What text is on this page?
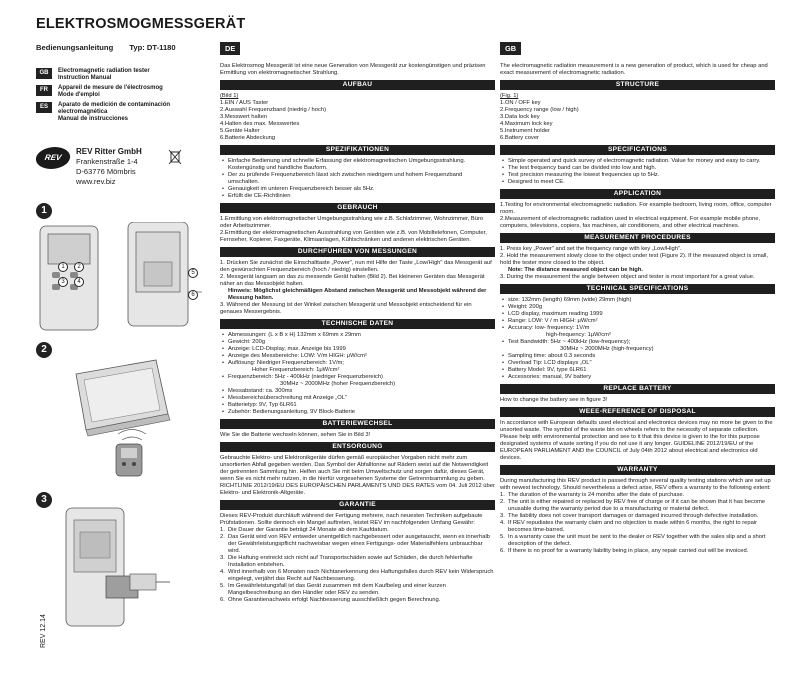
ELEKTROSMOGMESSGERÄT
Bedienungsanleitung Typ: DT-1180
GB	Electromagnetic radiation tester
Instruction Manual
FR	Appareil de mesure de l'électrosmog
Mode d'emploi
ES	Aparato de medición de contaminación
electromagnética
Manual de instrucciones
REV
REV Ritter GmbH
Frankenstraße 1-4
D-63776 Mömbris
www.rev.biz
1
1	2
3	4
5
6
2
3
REV 12.14
DE
Das Elektrosmog Messgerät ist eine neue Generation von Messgerät zur kostengünstigen und präzisen Ermittlung von elektromagnetischer Strahlung.
AUFBAU
(Bild 1)
1.EIN / AUS Taster
2.Auswahl Frequenzband (niedrig / hoch)
3.Messwert halten
4.Halten des max. Messwertes
5.Geräte Halter
6.Batterie Abdeckung
SPEZIFIKATIONEN
• Einfache Bedienung und schnelle Erfassung der elektromagnetischen Umgebungsstrahlung. Kostengünstig und handliche Bauform.
• Der zu prüfende Frequenzbereich lässt sich zwischen niedrigem und hohem Frequenzband umschalten.
• Genauigkeit im unteren Frequenzbereich besser als 5Hz.
• Erfüllt die CE-Richtlinien
GEBRAUCH
1.Ermittlung von elektromagnetischer Umgebungsstrahlung wie z.B. Schlafzimmer, Wohnzimmer, Büro oder Arbeitszimmer.
2.Ermittlung der elektromagnetischen Ausstrahlung von Geräten wie z.B. von Mobiltelefonen, Computer, Fernseher, Kopierer, Faxgeräte, Klimaanlagen, Kühlschränken und anderen elektrischen Geräten.
DURCHFÜHREN VON MESSUNGEN
1. Drücken Sie zunächst die Einschalttaste „Power", nun mit Hilfe der Taste „Low/High" das Messgerät auf den gewünschten Frequenzbereich (hoch / niedrig) einstellen.
2. Messgerät langsam an das zu messende Gerät halten (Bild 2). Bei kleineren Geräten das Messgerät näher an das Messobjekt halten.
Hinweis: Möglichst gleichmäßigen Abstand zwischen Messgerät und Messobjekt während der Messung halten.
3. Während der Messung ist der Winkel zwischen Messgerät und Messobjekt entscheidend für ein genaues Messergebnis.
TECHNISCHE DATEN
• Abmessungen: (L x B x H) 132mm x 69mm x 29mm
• Gewicht: 200g
• Anzeige: LCD-Display, max. Anzeige bis 1999
• Anzeige des Messbereiche: LOW: V/m HIGH: μW/cm²
• Auflösung: Niedriger Frequenzbereich: 1V/m;
Hoher Frequenzbereich: 1μW/cm²
• Frequenzbereich: 5Hz - 400kHz (niedriger Frequenzbereich)
30MHz ~ 2000MHz (hoher Frequenzbereich)
• Messabstand: ca. 300ms
• Messbereichsüberschreitung mit Anzeige „OL"
• Batterietyp: 9V, Typ 6LR61
• Zubehör: Bedienungsanleitung, 9V Block-Batterie
BATTERIEWECHSEL
Wie Sie die Batterie wechseln können, sehen Sie in Bild 3!
ENTSORGUNG
Gebrauchte Elektro- und Elektronikgeräte dürfen gemäß europäischer Vorgaben nicht mehr zum unsortierten Abfall gegeben werden. Das Symbol der Abfalltonne auf Rädern weist auf die Notwendigkeit der getrennten Sammlung hin. Helfen auch Sie mit beim Umweltschutz und sorgen dafür, dieses Gerät, wenn Sie es nicht mehr nutzen, in die hierfür vorgesehenen Systeme der Getrenntsammlung zu geben. RICHTLINIE 2012/19/EU DES EUROPÄISCHEN PARLAMENTS UND DES RATES vom 04. Juli 2012 über Elektro- und Elektronik-Altgeräte.
GARANTIE
Dieses REV-Produkt durchläuft während der Fertigung mehrere, nach neuesten Techniken aufgebaute Prüfstationen. Sollte dennoch ein Mangel auftreten, leistet REV im nachfolgenden Umfang Gewähr:
1. Die Dauer der Garantie beträgt 24 Monate ab dem Kaufdatum.
2. Das Gerät wird von REV entweder unentgeltlich nachgebessert oder ausgetauscht, wenn es innerhalb der Gewährleistungspflicht nachweisbar wegen eines Fertigungs- oder Materialfehlers unbrauchbar wird.
3. Die Haftung erstreckt sich nicht auf Transportschäden sowie auf Schäden, die durch fehlerhafte Installation entstehen.
4. Wird innerhalb von 6 Monaten nach Nichtanerkennung des Haftungsfalles durch REV kein Widerspruch eingelegt, verjährt das Recht auf Nachbesserung.
5. Im Gewährleistungsfall ist das Gerät zusammen mit dem Kaufbeleg und einer kurzen Mangelbeschreibung an den Händler oder REV zu senden.
6. Ohne Garantienachweis erfolgt Nachbesserung ausschließlich gegen Berechnung.
GB
The electromagnetic radiation measurement is a new generation of product, which is used for cheap and exact measurement of electromagnetic radiation.
STRUCTURE
(Fig. 1)
1.ON / OFF key
2.Frequency range (low / high)
3.Data lock key
4.Maximum lock key
5.Instrument holder
6.Battery cover
SPECIFICATIONS
• Simple operated and quick survey of electromagnetic radiation. Value for money and easy to carry.
• The test frequency band can be divided into low and high.
• Test precision measuring the lowest frequencies up to 5Hz.
• Designed to meet CE.
APPLICATION
1.Testing for environmental electromagnetic radiation. For example bedroom, living room, office, computer room.
2.Measurement of electromagnetic radiation used in electrical equipment. For example mobile phone, computers, televisions, copiers, fax machines, air conditioners, and other electrical machines.
MEASUREMENT PROCEDURES
1. Press key „Power" and set the frequency range with key „Low/High".
2. Hold the measurement slowly close to the object under test (Figure 2). If the measured object is small, hold the tester more closed to the object.
Note: The distance measured object can be high.
3. During the measurement the angle between object and tester is most important for a great value.
TECHNICAL SPECIFICATIONS
• size: 132mm (length) 69mm (wide) 29mm (high)
• Weight: 200g
• LCD display, maximum reading 1999
• Range: LOW: V / m HIGH: μW/cm²
• Accuracy: low- frequency: 1V/m
high-frequency: 1μW/cm²
• Test Bandwidth: 5Hz ~ 400kHz (low-frequency);
30MHz ~ 2000MHz (high-frequency)
• Sampling time: about 0.3 seconds
• Overload Tip: LCD displays „OL"
• Battery Model: 9V, type 6LR61
• Accessories: manual, 9V battery
REPLACE BATTERY
How to change the battery see in figure 3!
WEEE-REFERENCE OF DISPOSAL
In accordance with European defaults used electrical and electronics devices may no more be given to the unsorted waste. The symbol of the waste bin on wheels refers to the necessity of separate collection. Please help with environmental protection and see to it that this device is given to the for this purpose designated systems of waste sorting if you do not use it any longer. GUIDELINE 2012/19/EU of the EUROPEAN PARLIAMENT AND the COUNCIL of July 04th 2012 about electrical and electronics old devices.
WARRANTY
During manufacturing this REV product is passed through several quality testing stations which are set up with newest technology. Should nevertheless a defect arise, REV offers a warranty to the following extent:
1. The duration of the warranty is 24 months after the date of purchase.
2. The unit is either repaired or replaced by REV free of charge or if it can be shown that it has become unusable during the warranty period due to a manufacturing or material defect.
3. The liability does not cover transport damages or damaged incurred through defective installation.
4. If REV repudiates the warranty claim and no objection is made within 6 months, the right to repair becomes time-barred.
5. In a warranty case the unit must be sent to the dealer or REV together with the sales slip and a short description of the defect.
6. If there is no proof for a warranty liability being in place, any repair carried out will be invoiced.
